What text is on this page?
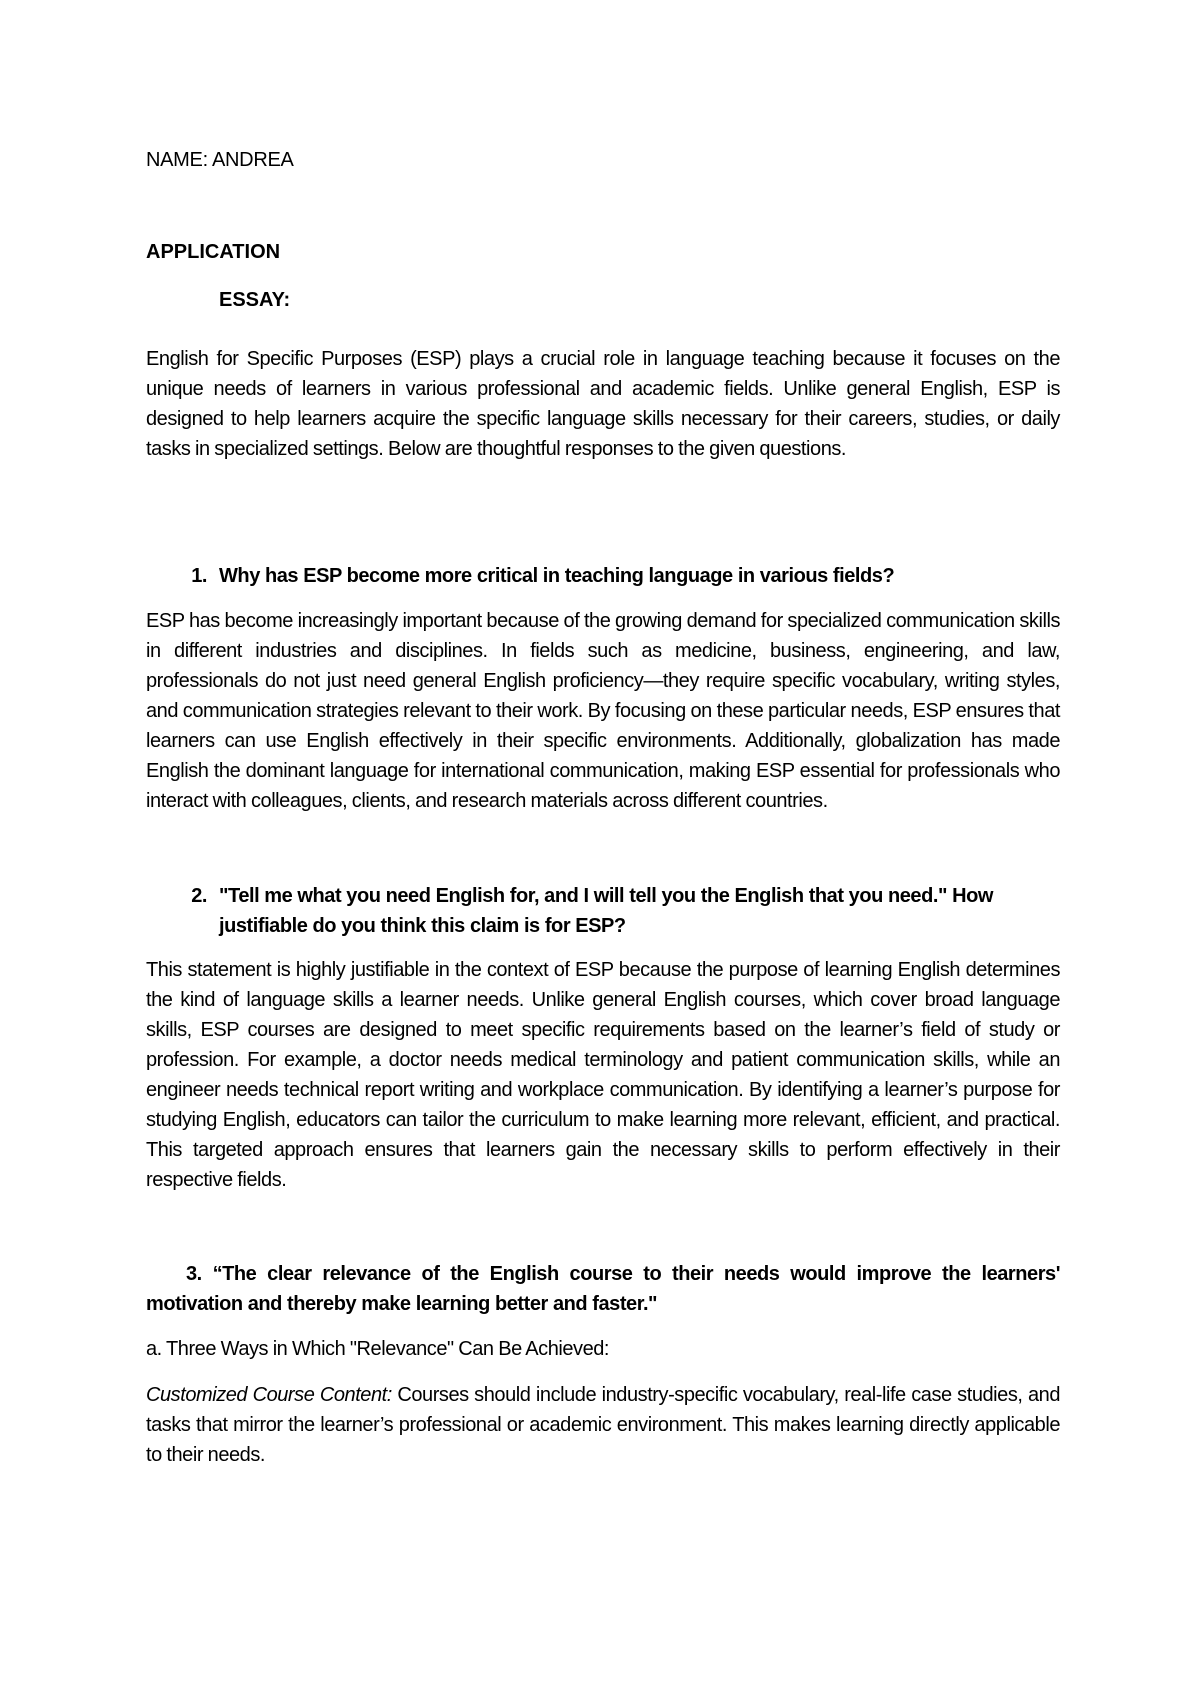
NAME: ANDREA
APPLICATION
ESSAY:
English for Specific Purposes (ESP) plays a crucial role in language teaching because it focuses on the unique needs of learners in various professional and academic fields. Unlike general English, ESP is designed to help learners acquire the specific language skills necessary for their careers, studies, or daily tasks in specialized settings. Below are thoughtful responses to the given questions.
1. Why has ESP become more critical in teaching language in various fields?
ESP has become increasingly important because of the growing demand for specialized communication skills in different industries and disciplines. In fields such as medicine, business, engineering, and law, professionals do not just need general English proficiency—they require specific vocabulary, writing styles, and communication strategies relevant to their work. By focusing on these particular needs, ESP ensures that learners can use English effectively in their specific environments. Additionally, globalization has made English the dominant language for international communication, making ESP essential for professionals who interact with colleagues, clients, and research materials across different countries.
2. "Tell me what you need English for, and I will tell you the English that you need." How justifiable do you think this claim is for ESP?
This statement is highly justifiable in the context of ESP because the purpose of learning English determines the kind of language skills a learner needs. Unlike general English courses, which cover broad language skills, ESP courses are designed to meet specific requirements based on the learner’s field of study or profession. For example, a doctor needs medical terminology and patient communication skills, while an engineer needs technical report writing and workplace communication. By identifying a learner’s purpose for studying English, educators can tailor the curriculum to make learning more relevant, efficient, and practical. This targeted approach ensures that learners gain the necessary skills to perform effectively in their respective fields.
3. “The clear relevance of the English course to their needs would improve the learners' motivation and thereby make learning better and faster."
a. Three Ways in Which "Relevance" Can Be Achieved:
Customized Course Content: Courses should include industry-specific vocabulary, real-life case studies, and tasks that mirror the learner’s professional or academic environment. This makes learning directly applicable to their needs.
